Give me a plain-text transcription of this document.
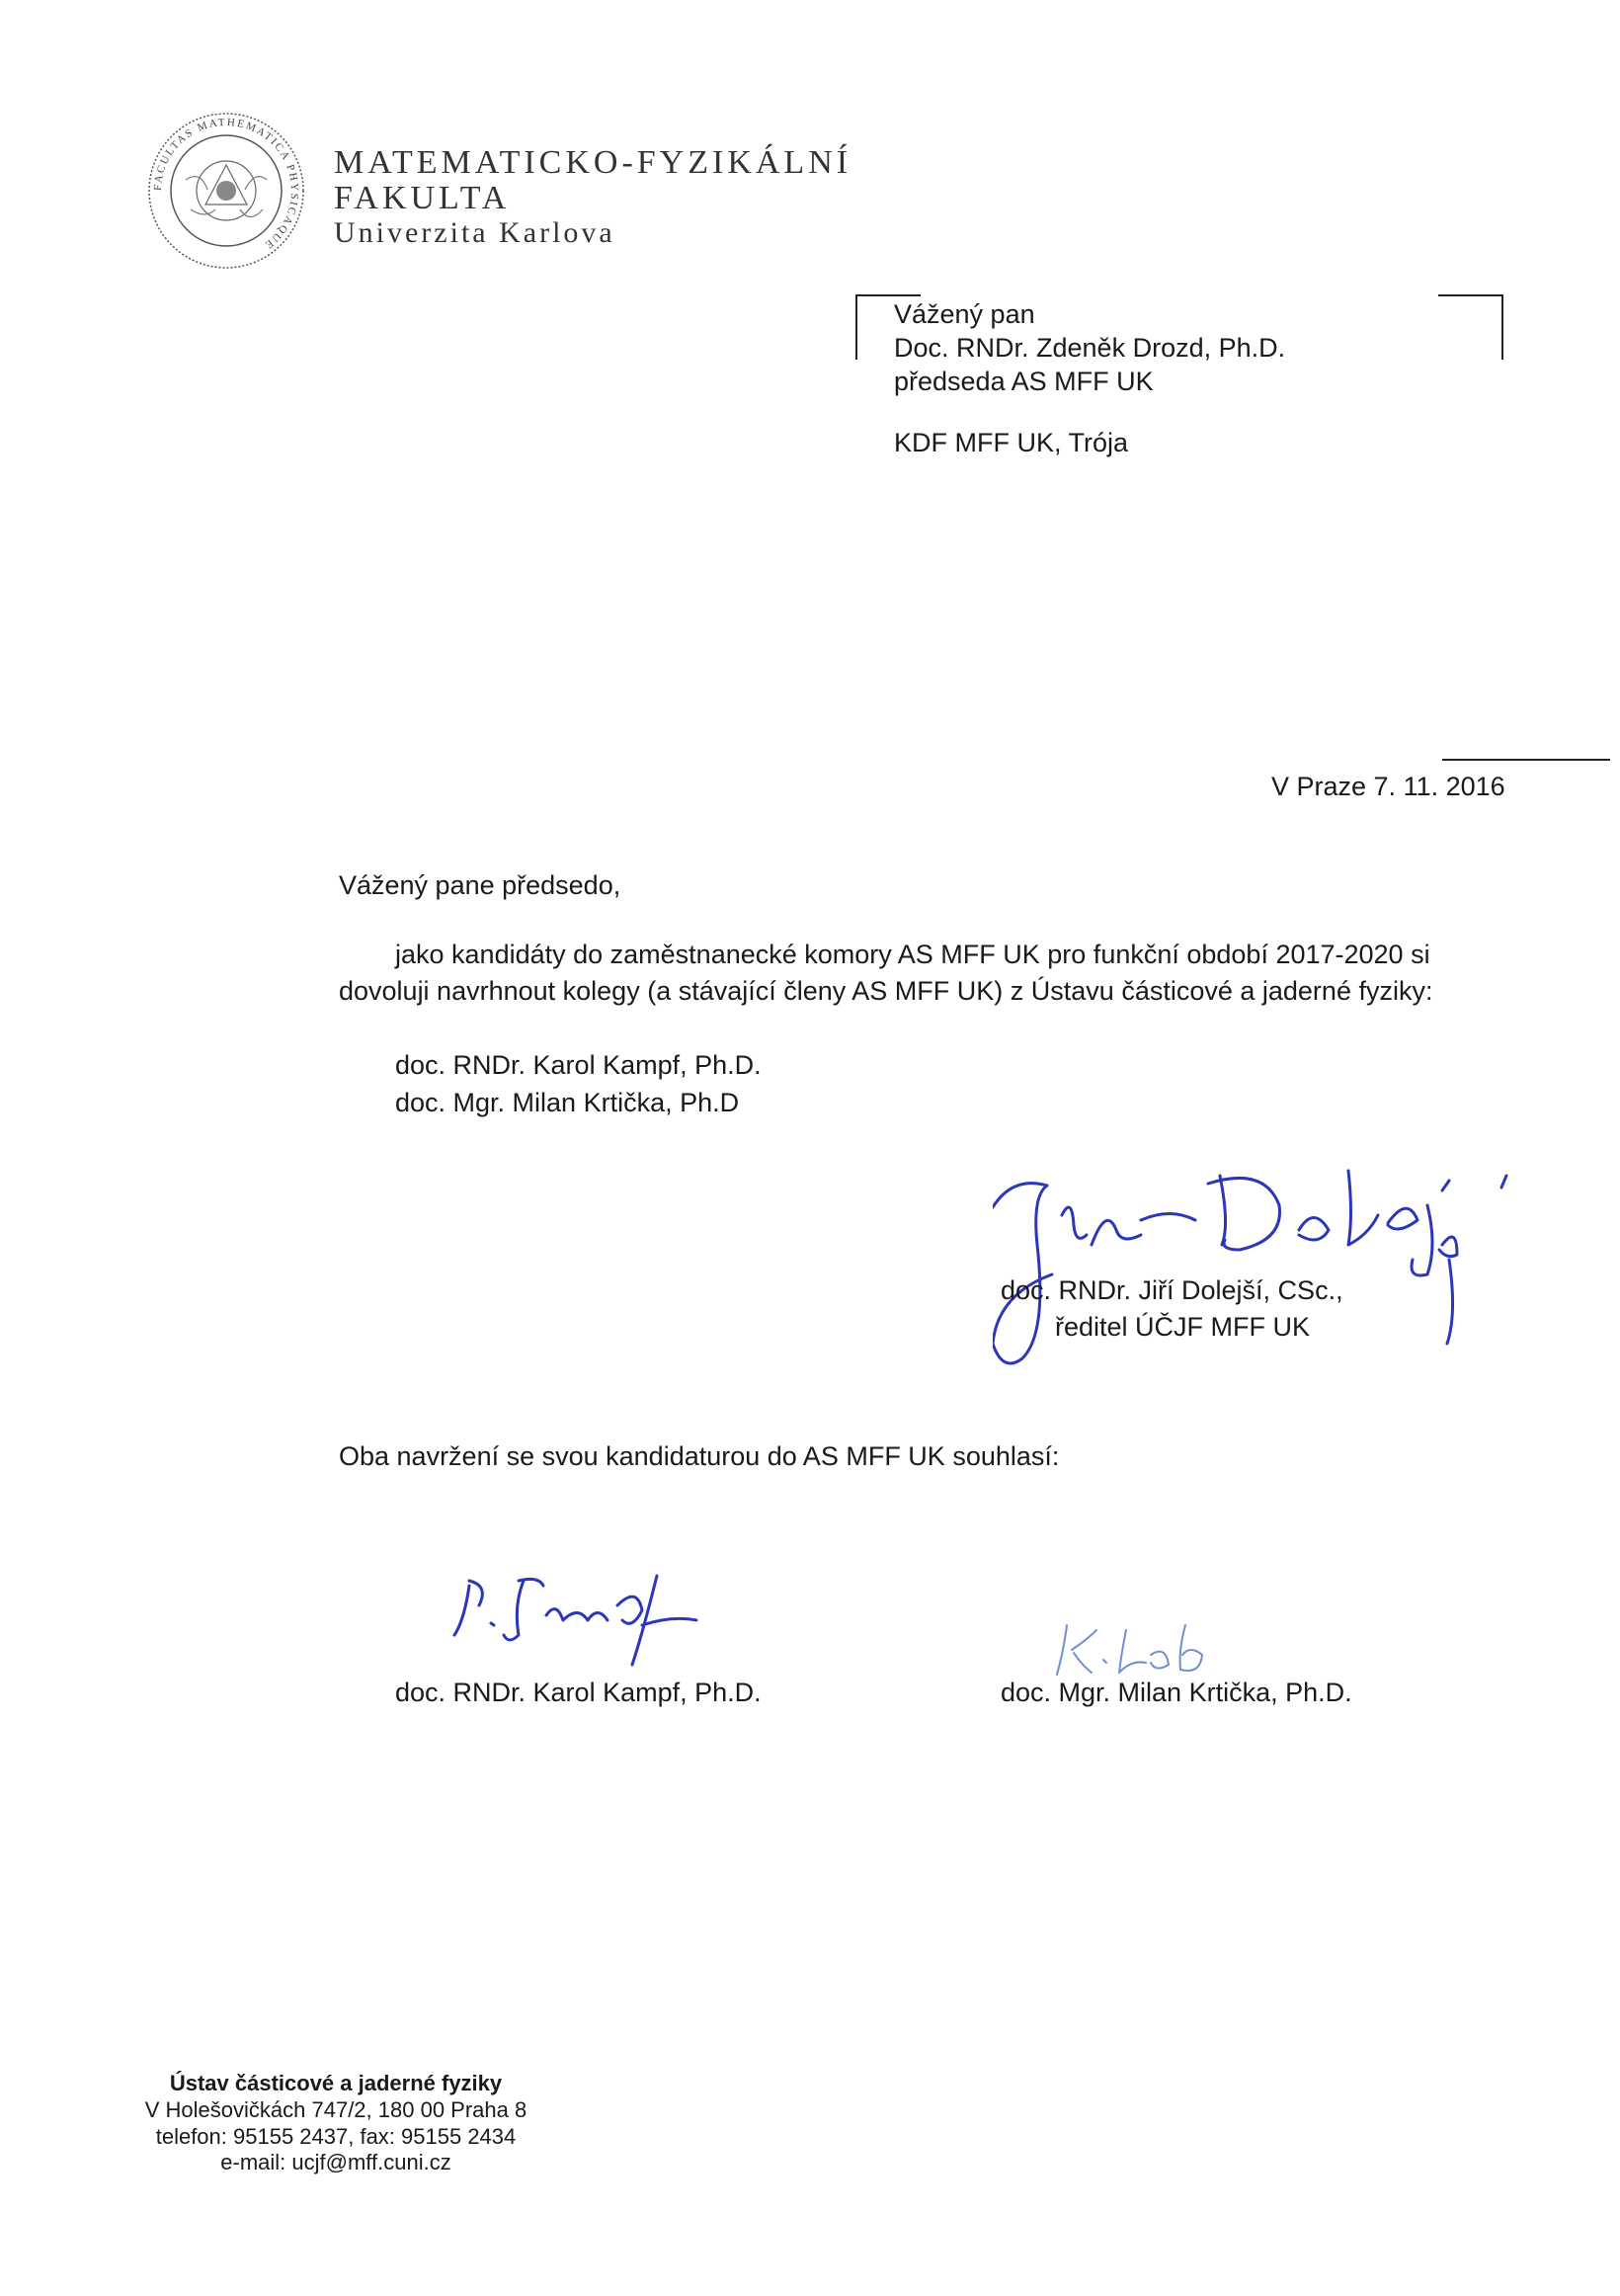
FACULTAS MATHEMATICA PHYSICAQUE
MATEMATICKO-FYZIKÁLNÍ
FAKULTA
Univerzita Karlova
Vážený pan
Doc. RNDr. Zdeněk Drozd, Ph.D.
předseda AS MFF UK
KDF MFF UK, Trója
V Praze 7. 11. 2016
Vážený pane předsedo,
jako kandidáty do zaměstnanecké komory AS MFF UK pro funkční období 2017-2020 si
dovoluji navrhnout kolegy (a stávající členy AS MFF UK) z Ústavu částicové a jaderné fyziky:
doc. RNDr. Karol Kampf, Ph.D.
doc. Mgr. Milan Krtička, Ph.D
doc. RNDr. Jiří Dolejší, CSc.,
ředitel ÚČJF MFF UK
Oba navržení se svou kandidaturou do AS MFF UK souhlasí:
doc. RNDr. Karol Kampf, Ph.D.	doc. Mgr. Milan Krtička, Ph.D.
Ústav částicové a jaderné fyziky
V Holešovičkách 747/2, 180 00 Praha 8
telefon: 95155 2437, fax: 95155 2434
e-mail: ucjf@mff.cuni.cz
